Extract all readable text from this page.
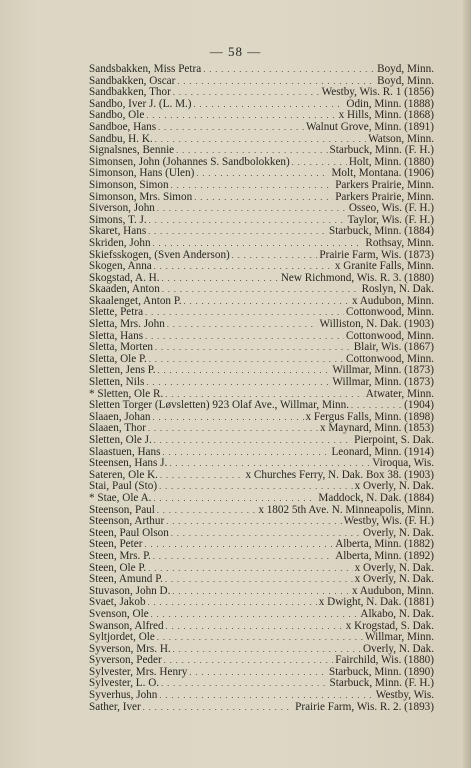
— 58 —
Sandsbakken, Miss Petra . . .	Boyd, Minn.
Sandbakken, Oscar . . .	Boyd, Minn.
Sandbakken, Thor . . .	Westby, Wis. R. 1 (1856)
Sandbo, Iver J. (L. M.) . . .	Odin, Minn. (1888)
Sandbo, Ole . . .	x Hills, Minn. (1868)
Sandboe, Hans . . .	Walnut Grove, Minn. (1891)
Sandbu, H. K. . . .	Watson, Minn.
Signalsnes, Bennie . . .	Starbuck, Minn. (F. H.)
Simonsen, John (Johannes S. Sandbolokken) . . .	Holt, Minn. (1880)
Simonson, Hans (Ulen) . . .	Molt, Montana. (1906)
Simonson, Simon . . .	Parkers Prairie, Minn.
Simonson, Mrs. Simon . . .	Parkers Prairie, Minn.
Siverson, John . . .	Osseo, Wis. (F. H.)
Simons, T. J. . . .	Taylor, Wis. (F. H.)
Skaret, Hans . . .	Starbuck, Minn. (1884)
Skriden, John . . .	Rothsay, Minn.
Skiefsskogen, (Sven Anderson) . . .	Prairie Farm, Wis. (1873)
Skogen, Anna . . .	x Granite Falls, Minn.
Skogstad, A. H. . . .	New Richmond, Wis. R. 3. (1880)
Skaaden, Anton . . .	Roslyn, N. Dak.
Skaalenget, Anton P. . . .	x Audubon, Minn.
Slette, Petra . . .	Cottonwood, Minn.
Sletta, Mrs. John . . .	Williston, N. Dak. (1903)
Sletta, Hans . . .	Cottonwood, Minn.
Sletta, Morten . . .	Blair, Wis. (1867)
Sletta, Ole P. . . .	Cottonwood, Minn.
Sletten, Jens P. . . .	Willmar, Minn. (1873)
Sletten, Nils . . .	Willmar, Minn. (1873)
* Sletten, Ole R. . . .	Atwater, Minn.
Sletten Torger (Løvsletten) 923 Olaf Ave., Willmar, Minn. . . .	(1904)
Slaaen, Johan . . .	x Fergus Falls, Minn. (1898)
Slaaen, Thor . . .	x Maynard, Minn. (1853)
Sletten, Ole J. . . .	Pierpoint, S. Dak.
Slaastuen, Hans . . .	Leonard, Minn. (1914)
Steensen, Hans J. . . .	Viroqua, Wis.
Sateren, Ole K. . . .	x Churches Ferry, N. Dak. Box 38. (1903)
Stai, Paul (Sto) . . .	x Overly, N. Dak.
* Stae, Ole A. . . .	Maddock, N. Dak. (1884)
Steenson, Paul . . .	x 1802 5th Ave. N. Minneapolis, Minn.
Steenson, Arthur . . .	Westby, Wis. (F. H.)
Steen, Paul Olson . . .	Overly, N. Dak.
Steen, Peter . . .	Alberta, Minn. (1882)
Steen, Mrs. P. . . .	Alberta, Minn. (1892)
Steen, Ole P. . . .	x Overly, N. Dak.
Steen, Amund P. . . .	x Overly, N. Dak.
Stuvason, John D. . . .	x Audubon, Minn.
Svaet, Jakob . . .	x Dwight, N. Dak. (1881)
Svenson, Ole . . .	Alkabo, N. Dak.
Swanson, Alfred . . .	x Krogstad, S. Dak.
Syltjordet, Ole . . .	Willmar, Minn.
Syverson, Mrs. H. . . .	Overly, N. Dak.
Syverson, Peder . . .	Fairchild, Wis. (1880)
Sylvester, Mrs. Henry . . .	Starbuck, Minn. (1890)
Sylvester, L. O. . . .	Starbuck, Minn. (F. H.)
Syverhus, John . . .	Westby, Wis.
Sather, Iver . . .	Prairie Farm, Wis. R. 2. (1893)
